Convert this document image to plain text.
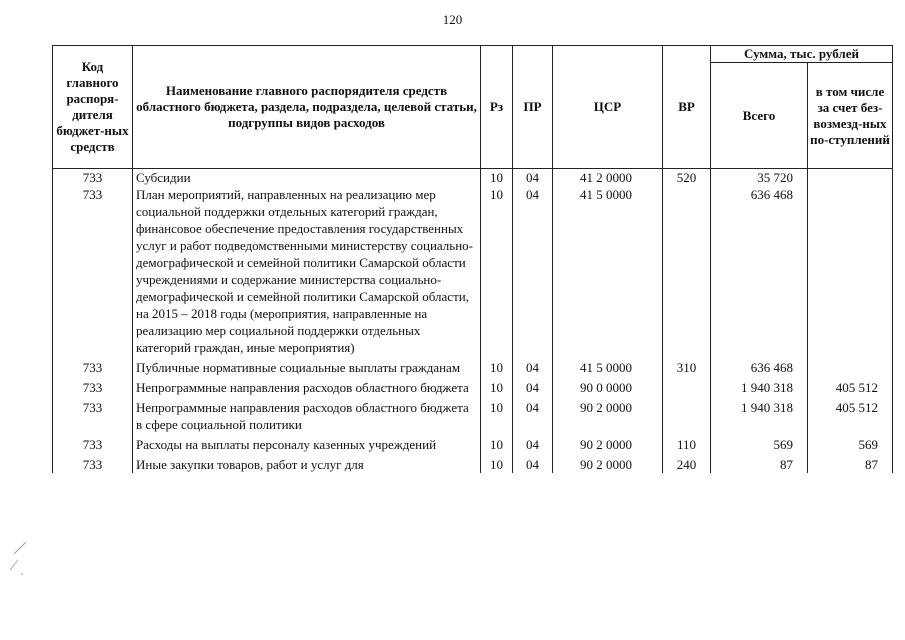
120
Код главного распоря-дителя бюджет-ных средств	Наименование главного распорядителя средств областного бюджета, раздела, подраздела, целевой статьи, подгруппы видов расходов	Рз	ПР	ЦСР	ВР	Сумма, тыс. рублей	
						Всего	в том числе за счет без-возмезд-ных по-ступлений
733	Субсидии	10	04	41 2 0000	520	35 720	
733	План мероприятий, направленных на реализацию мер социальной поддержки отдельных категорий граждан, финансовое обеспечение предоставления государственных услуг и работ подведомственными министерству социально-демографической и семейной политики Самарской области учреждениями и содержание министерства социально-демографической и семейной политики Самарской области, на 2015 – 2018 годы (мероприятия, направленные на реализацию мер социальной поддержки отдельных категорий граждан, иные мероприятия)	10	04	41 5 0000		636 468	

733	Публичные нормативные социальные выплаты гражданам	10	04	41 5 0000	310	636 468	

733	Непрограммные направления расходов областного бюджета	10	04	90 0 0000		1 940 318	405 512

733	Непрограммные направления расходов областного бюджета в сфере социальной политики	10	04	90 2 0000		1 940 318	405 512

733	Расходы на выплаты персоналу казенных учреждений	10	04	90 2 0000	110	569	569

733	Иные закупки товаров, работ и услуг для	10	04	90 2 0000	240	87	87
